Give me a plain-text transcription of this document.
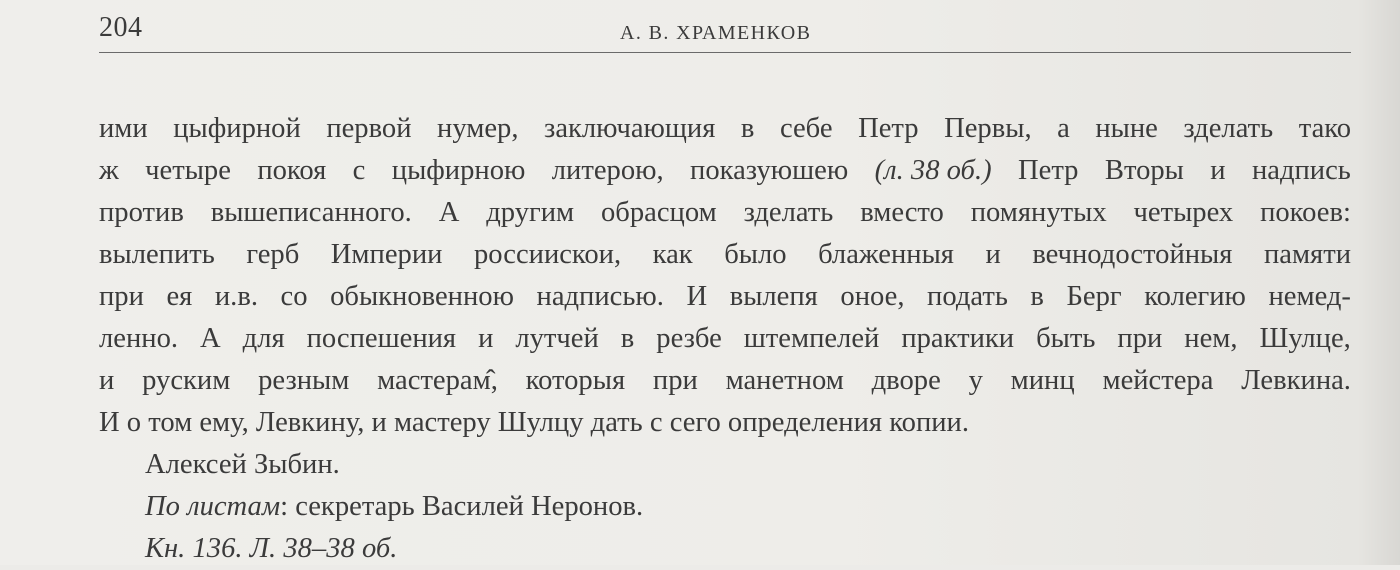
204	А. В. ХРАМЕНКОВ
ими цыфирной первой нумер, заключающия в себе Петр Первы, а ныне зделать тако
ж четыре покоя с цыфирною литерою, показуюшею (л. 38 об.) Петр Вторы и надпись
против вышеписанного. А другим обрасцом зделать вместо помянутых четырех покоев:
вылепить герб Империи россиискои, как было блаженныя и вечнодостойныя памяти
при ея и.в. со обыкновенною надписью. И вылепя оное, подать в Берг колегию немед-
ленно. А для поспешения и лутчей в резбе штемпелей практики быть при нем, Шулце,
и руским резным мастерам̂, которыя при манетном дворе у минц мейстера Левкина.
И о том ему, Левкину, и мастеру Шулцу дать с сего определения копии.
Алексей Зыбин.
По листам: секретарь Василей Неронов.
Кн. 136. Л. 38–38 об.
